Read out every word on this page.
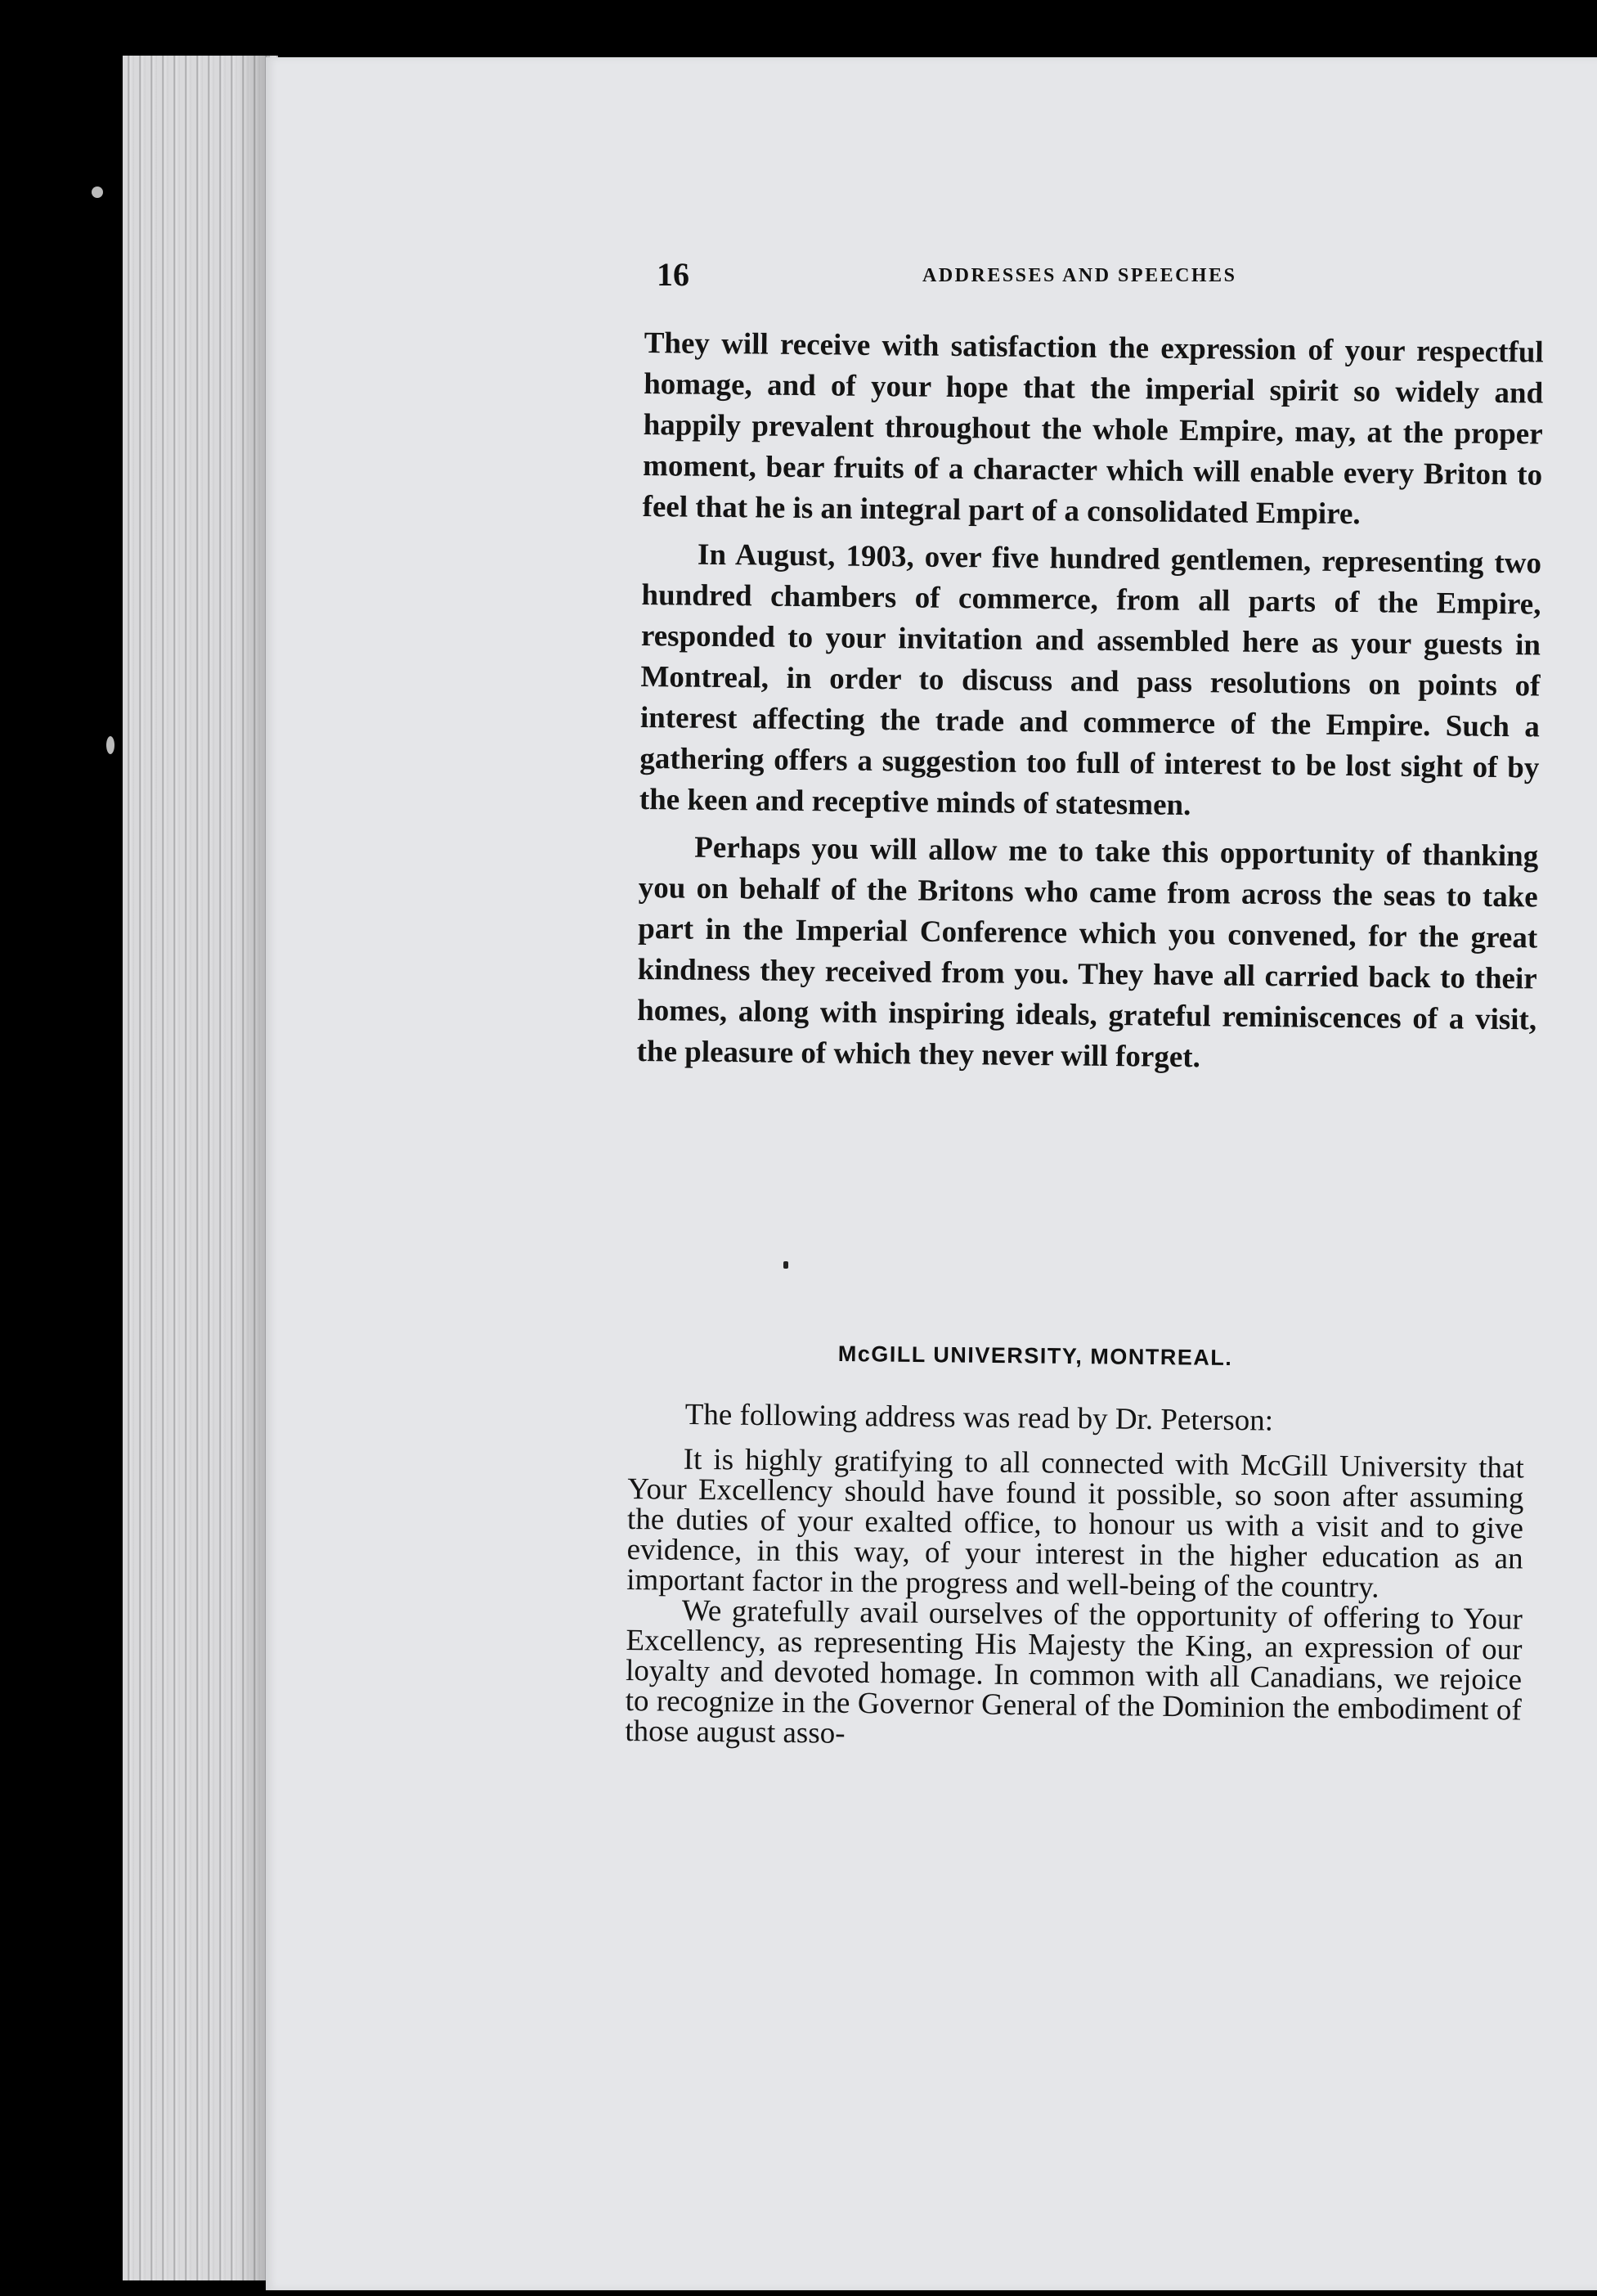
16	ADDRESSES AND SPEECHES

They will receive with satisfaction the expression of your respectful homage, and of your hope that the imperial spirit so widely and happily prevalent throughout the whole Empire, may, at the proper moment, bear fruits of a character which will enable every Briton to feel that he is an integral part of a consolidated Empire.

In August, 1903, over five hundred gentlemen, representing two hundred chambers of commerce, from all parts of the Empire, responded to your invitation and assembled here as your guests in Montreal, in order to discuss and pass resolutions on points of interest affecting the trade and commerce of the Empire. Such a gathering offers a suggestion too full of interest to be lost sight of by the keen and receptive minds of statesmen.

Perhaps you will allow me to take this opportunity of thanking you on behalf of the Britons who came from across the seas to take part in the Imperial Conference which you convened, for the great kindness they received from you. They have all carried back to their homes, along with inspiring ideals, grateful reminiscences of a visit, the pleasure of which they never will forget.

McGILL UNIVERSITY, MONTREAL.
The following address was read by Dr. Peterson:

It is highly gratifying to all connected with McGill University that Your Excellency should have found it possible, so soon after assuming the duties of your exalted office, to honour us with a visit and to give evidence, in this way, of your interest in the higher education as an important factor in the progress and well-being of the country.

We gratefully avail ourselves of the opportunity of offering to Your Excellency, as representing His Majesty the King, an expression of our loyalty and devoted homage. In common with all Canadians, we rejoice to recognize in the Governor General of the Dominion the embodiment of those august asso-
